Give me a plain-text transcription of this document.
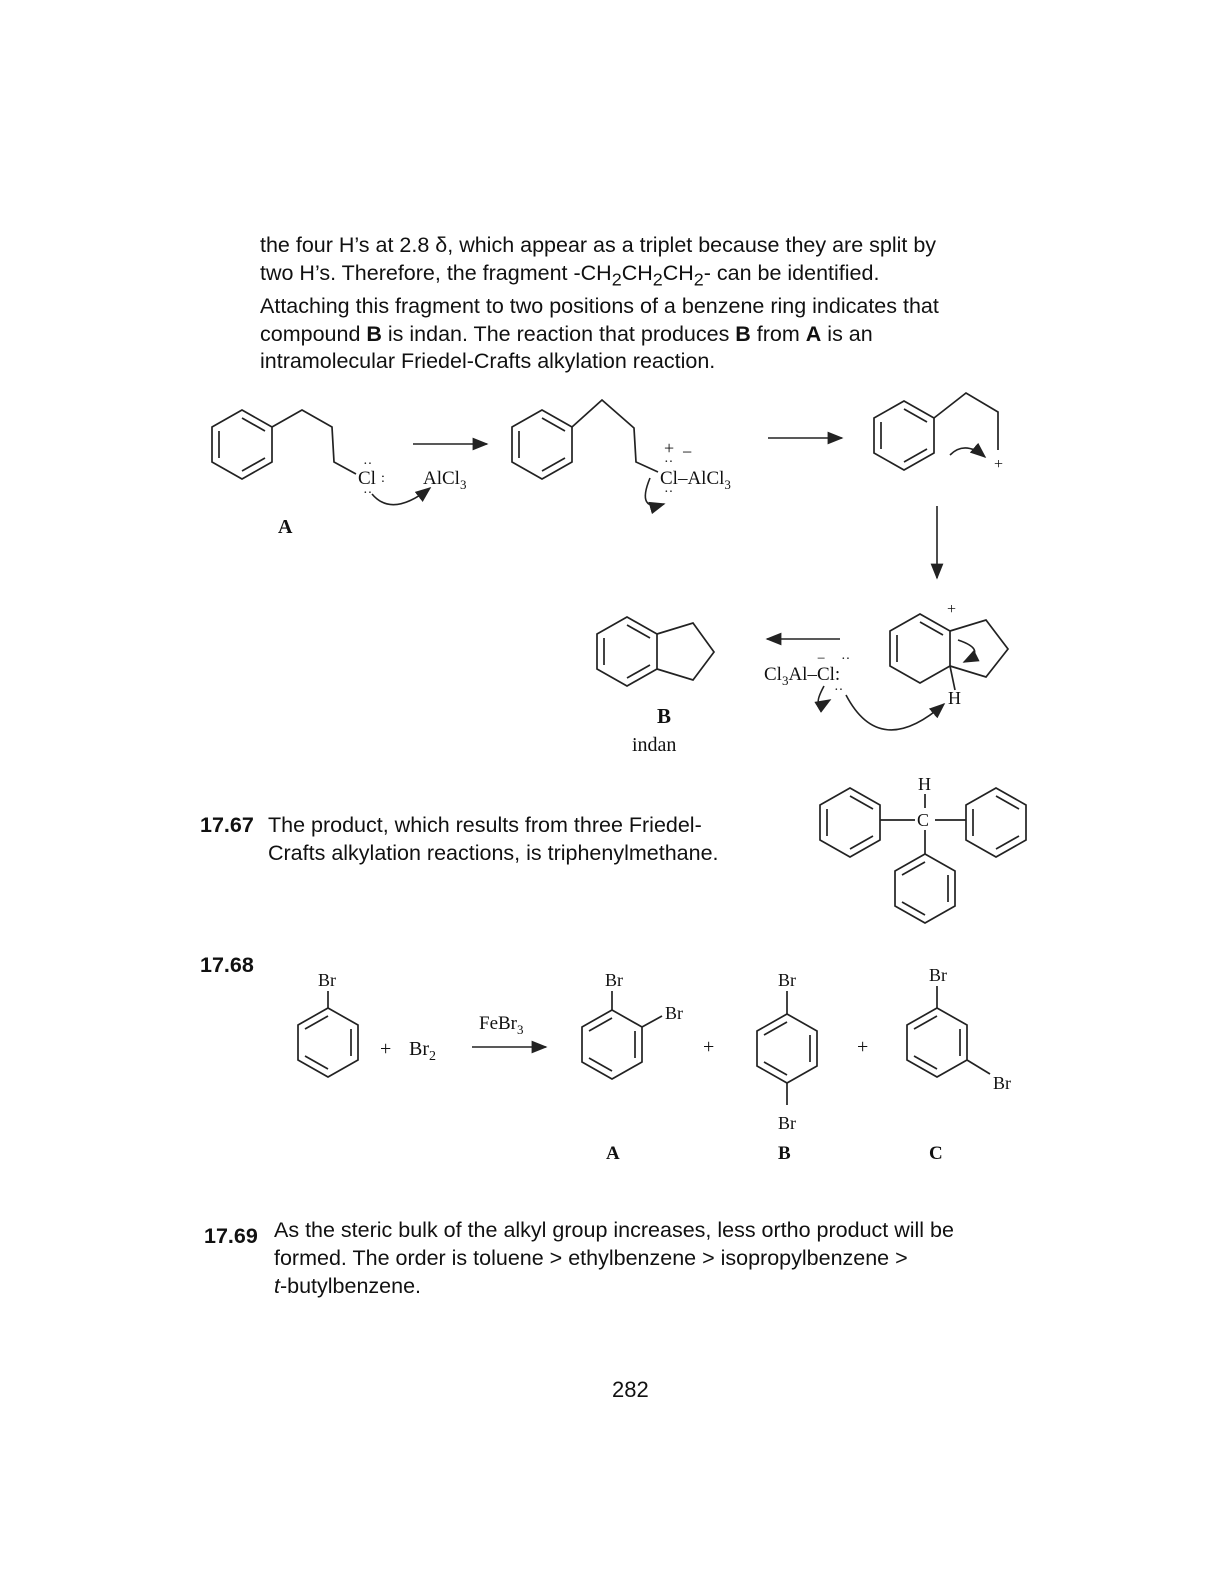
the four H’s at 2.8 δ, which appear as a triplet because they are split by

two H’s. Therefore, the fragment $-CH_2CH_2CH_2-$ can be identified.

Attaching this fragment to two positions of a benzene ring indicates that

compound B is indan. The reaction that produces B from A is an

intramolecular Friedel-Crafts alkylation reaction.

17.67 The product, which results from three Friedel-

Crafts alkylation reactions, is triphenylmethane.

17.68
17.69 As the steric bulk of the alkyl group increases, less ortho product will be

formed. The order is toluene > ethylbenzene > isopropylbenzene >

t-butylbenzene.

282
Cl
··
··
: AlCl$_3$
A
+ −
Cl–AlCl$_3$
··
··
+
B
indan
$Cl_3Al-Cl$:
− ··
··	H
+
H
C
Br
+ $Br_2$
FeBr$_3$
Br
Br
A
+
Br
Br
B
+
Br
Br
C
